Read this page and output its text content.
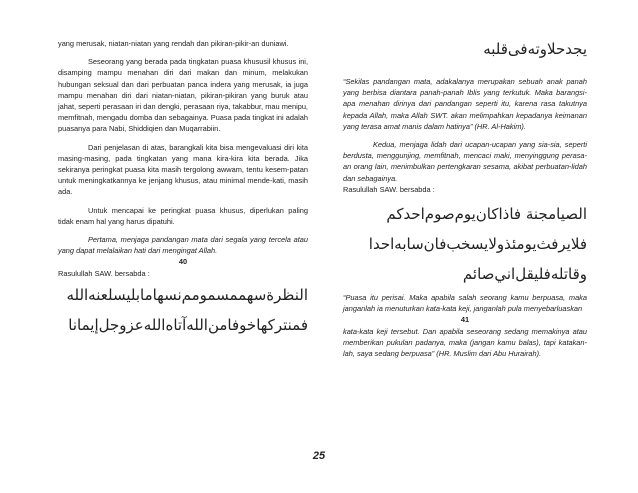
yang merusak, niatan-niatan yang rendah dan pikiran-pikir-an duniawi.

Seseorang yang berada pada tingkatan puasa khususil khusus ini, disamping mampu menahan diri dari makan dan minum, melakukan hubungan seksual dan dari perbuatan panca indera yang merusak, ia juga mampu menahan diri dari niatan-niatan, pikiran-pikiran yang buruk atau jahat, seperti perasaan iri dan dengki, perasaan riya, takabbur, mau menipu, memfitnah, mengadu domba dan sebagainya. Puasa pada tingkat ini adalah puasanya para Nabi, Shiddiqien dan Muqarrabiin.

Dari penjelasan di atas, barangkali kita bisa mengevaluasi diri kita masing-masing, pada tingkatan yang mana kira-kira kita berada. Jika sekiranya peringkat puasa kita masih tergolong awwam, tentu kesem-patan untuk meningkatkannya ke jenjang khusus, atau minimal mende-kati, masih ada.

Untuk mencapai ke peringkat puasa khusus, diperlukan paling tidak enam hal yang harus dipatuhi.

Pertama, menjaga pandangan mata dari segala yang tercela atau yang dapat melalaikan hati dari mengingat Allah.

40

Rasulullah SAW. bersabda :

النظرةسهممسمومم‌نسهامابليسلعنه‌الله

فمنتركهاخوفامن‌الله‌آتاه‌الله‌عزوجل‌إيمانا

يجدحلاوته‌فى‌قلبه

“Sekilas pandangan mata, adakalanya merupakan sebuah anak panah yang berbisa diantara panah-panah Iblis yang terkutuk. Maka barangsi-apa menahan dirinya dari pandangan seperti itu, karena rasa takutnya kepada Allah, maka Allah SWT. akan melimpahkan kepadanya keimanan yang terasa amat manis dalam hatinya” (HR. Al-Hakim).

Kedua, menjaga lidah dari ucapan-ucapan yang sia-sia, seperti berdusta, menggunjing, memfitnah, mencaci maki, menyinggung perasa-an orang lain, menimbulkan pertengkaran sesama, akibat perbuatan-lidah dan sebagainya.

Rasulullah SAW. bersabda :

الصيامجنة فاذاكان‌يوم‌صوم‌احدكم

فلايرفث‌يومئذولايسخب‌فان‌سابه‌احدا

وقاتله‌فليقل‌اني‌صائم

“Puasa itu perisai. Maka apabila salah seorang kamu berpuasa, maka janganlah ia menuturkan kata-kata keji, janganlah pula menyebarluaskan

41

kata-kata keji tersebut. Dan apabila seseorang sedang memakinya atau memberikan pukulan padanya, maka (jangan kamu balas), tapi katakan-lah, saya sedang berpuasa” (HR. Muslim dari Abu Hurairah).

25
